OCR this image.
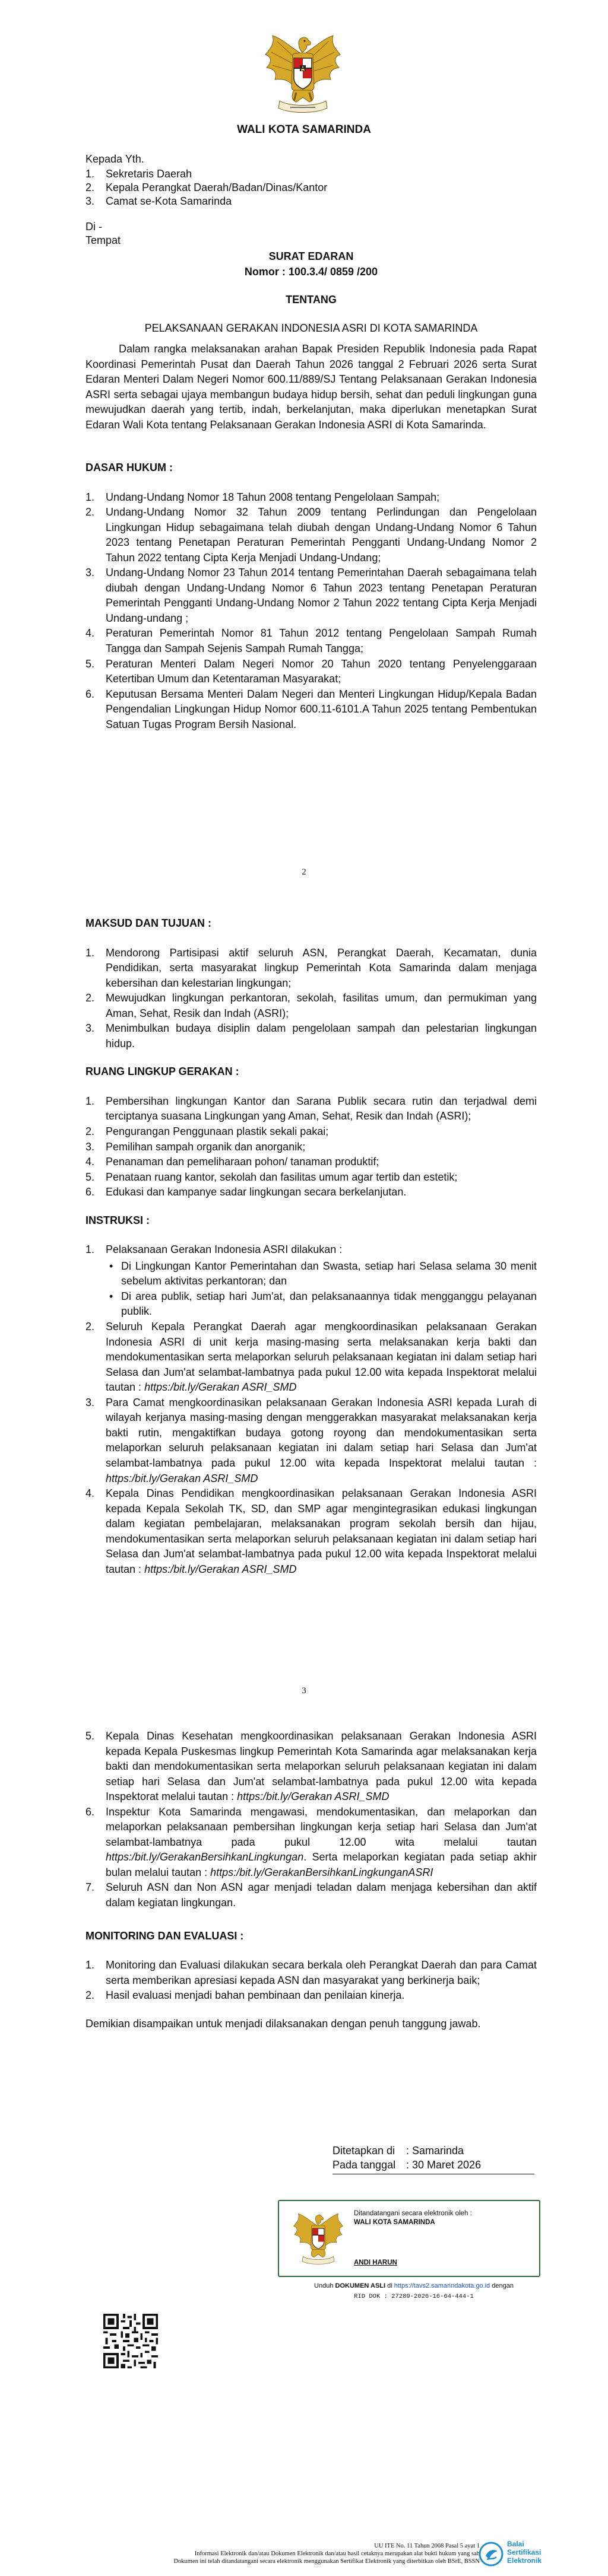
WALI KOTA SAMARINDA
Kepada Yth.
1. Sekretaris Daerah
2. Kepala Perangkat Daerah/Badan/Dinas/Kantor
3. Camat se-Kota Samarinda
Di -
Tempat
SURAT EDARAN
Nomor : 100.3.4/ 0859 /200
TENTANG
PELAKSANAAN GERAKAN INDONESIA ASRI DI KOTA SAMARINDA
Dalam rangka melaksanakan arahan Bapak Presiden Republik Indonesia pada Rapat Koordinasi Pemerintah Pusat dan Daerah Tahun 2026 tanggal 2 Februari 2026 serta Surat Edaran Menteri Dalam Negeri Nomor 600.11/889/SJ Tentang Pelaksanaan Gerakan Indonesia ASRI serta sebagai ujaya membangun budaya hidup bersih, sehat dan peduli lingkungan guna mewujudkan daerah yang tertib, indah, berkelanjutan, maka diperlukan menetapkan Surat Edaran Wali Kota tentang Pelaksanaan Gerakan Indonesia ASRI di Kota Samarinda.
DASAR HUKUM :
1. Undang-Undang Nomor 18 Tahun 2008 tentang Pengelolaan Sampah;
2. Undang-Undang Nomor 32 Tahun 2009 tentang Perlindungan dan Pengelolaan Lingkungan Hidup sebagaimana telah diubah dengan Undang-Undang Nomor 6 Tahun 2023 tentang Penetapan Peraturan Pemerintah Pengganti Undang-Undang Nomor 2 Tahun 2022 tentang Cipta Kerja Menjadi Undang-Undang;
3. Undang-Undang Nomor 23 Tahun 2014 tentang Pemerintahan Daerah sebagaimana telah diubah dengan Undang-Undang Nomor 6 Tahun 2023 tentang Penetapan Peraturan Pemerintah Pengganti Undang-Undang Nomor 2 Tahun 2022 tentang Cipta Kerja Menjadi Undang-undang ;
4. Peraturan Pemerintah Nomor 81 Tahun 2012 tentang Pengelolaan Sampah Rumah Tangga dan Sampah Sejenis Sampah Rumah Tangga;
5. Peraturan Menteri Dalam Negeri Nomor 20 Tahun 2020 tentang Penyelenggaraan Ketertiban Umum dan Ketentaraman Masyarakat;
6. Keputusan Bersama Menteri Dalam Negeri dan Menteri Lingkungan Hidup/Kepala Badan Pengendalian Lingkungan Hidup Nomor 600.11-6101.A Tahun 2025 tentang Pembentukan Satuan Tugas Program Bersih Nasional.
2
MAKSUD DAN TUJUAN :
1. Mendorong Partisipasi aktif seluruh ASN, Perangkat Daerah, Kecamatan, dunia Pendidikan, serta masyarakat lingkup Pemerintah Kota Samarinda dalam menjaga kebersihan dan kelestarian lingkungan;
2. Mewujudkan lingkungan perkantoran, sekolah, fasilitas umum, dan permukiman yang Aman, Sehat, Resik dan Indah (ASRI);
3. Menimbulkan budaya disiplin dalam pengelolaan sampah dan pelestarian lingkungan hidup.
RUANG LINGKUP GERAKAN :
1. Pembersihan lingkungan Kantor dan Sarana Publik secara rutin dan terjadwal demi terciptanya suasana Lingkungan yang Aman, Sehat, Resik dan Indah (ASRI);
2. Pengurangan Penggunaan plastik sekali pakai;
3. Pemilihan sampah organik dan anorganik;
4. Penanaman dan pemeliharaan pohon/ tanaman produktif;
5. Penataan ruang kantor, sekolah dan fasilitas umum agar tertib dan estetik;
6. Edukasi dan kampanye sadar lingkungan secara berkelanjutan.
INSTRUKSI :
1. Pelaksanaan Gerakan Indonesia ASRI dilakukan :
• Di Lingkungan Kantor Pemerintahan dan Swasta, setiap hari Selasa selama 30 menit sebelum aktivitas perkantoran; dan
• Di area publik, setiap hari Jum'at, dan pelaksanaannya tidak mengganggu pelayanan publik.
2. Seluruh Kepala Perangkat Daerah agar mengkoordinasikan pelaksanaan Gerakan Indonesia ASRI di unit kerja masing-masing serta melaksanakan kerja bakti dan mendokumentasikan serta melaporkan seluruh pelaksanaan kegiatan ini dalam setiap hari Selasa dan Jum'at selambat-lambatnya pada pukul 12.00 wita kepada Inspektorat melalui tautan : https:/bit.ly/Gerakan ASRI_SMD
3. Para Camat mengkoordinasikan pelaksanaan Gerakan Indonesia ASRI kepada Lurah di wilayah kerjanya masing-masing dengan menggerakkan masyarakat melaksanakan kerja bakti rutin, mengaktifkan budaya gotong royong dan mendokumentasikan serta melaporkan seluruh pelaksanaan kegiatan ini dalam setiap hari Selasa dan Jum'at selambat-lambatnya pada pukul 12.00 wita kepada Inspektorat melalui tautan : https:/bit.ly/Gerakan ASRI_SMD
4. Kepala Dinas Pendidikan mengkoordinasikan pelaksanaan Gerakan Indonesia ASRI kepada Kepala Sekolah TK, SD, dan SMP agar mengintegrasikan edukasi lingkungan dalam kegiatan pembelajaran, melaksanakan program sekolah bersih dan hijau, mendokumentasikan serta melaporkan seluruh pelaksanaan kegiatan ini dalam setiap hari Selasa dan Jum'at selambat-lambatnya pada pukul 12.00 wita kepada Inspektorat melalui tautan : https:/bit.ly/Gerakan ASRI_SMD
3
5. Kepala Dinas Kesehatan mengkoordinasikan pelaksanaan Gerakan Indonesia ASRI kepada Kepala Puskesmas lingkup Pemerintah Kota Samarinda agar melaksanakan kerja bakti dan mendokumentasikan serta melaporkan seluruh pelaksanaan kegiatan ini dalam setiap hari Selasa dan Jum'at selambat-lambatnya pada pukul 12.00 wita kepada Inspektorat melalui tautan : https:/bit.ly/Gerakan ASRI_SMD
6. Inspektur Kota Samarinda mengawasi, mendokumentasikan, dan melaporkan dan melaporkan pelaksanaan pembersihan lingkungan kerja setiap hari Selasa dan Jum'at selambat-lambatnya pada pukul 12.00 wita melalui tautan https:/bit.ly/GerakanBersihkanLingkungan. Serta melaporkan kegiatan pada setiap akhir bulan melalui tautan : https:/bit.ly/GerakanBersihkanLingkunganASRI
7. Seluruh ASN dan Non ASN agar menjadi teladan dalam menjaga kebersihan dan aktif dalam kegiatan lingkungan.
MONITORING DAN EVALUASI :
1. Monitoring dan Evaluasi dilakukan secara berkala oleh Perangkat Daerah dan para Camat serta memberikan apresiasi kepada ASN dan masyarakat yang berkinerja baik;
2. Hasil evaluasi menjadi bahan pembinaan dan penilaian kinerja.
Demikian disampaikan untuk menjadi dilaksanakan dengan penuh tanggung jawab.
Ditetapkan di	: Samarinda
Pada tanggal : 30 Maret 2026
Ditandatangani secara elektronik oleh :
WALI KOTA SAMARINDA
ANDI HARUN
Unduh DOKUMEN ASLI di https://tavs2.samarindakota.go.id dengan
RID DOK : 27289-2026-16-64-444-1
UU ITE No. 11 Tahun 2008 Pasal 5 ayat 1
Informasi Elektronik dan/atau Dokumen Elektronik dan/atau hasil cetaknya merupakan alat bukti hukum yang sah
Dokumen ini telah ditandatangani secara elektronik menggunakan Sertifikat Elektronik yang diterbitkan oleh BSrE, BSSN
Balai
Sertifikasi
Elektronik
